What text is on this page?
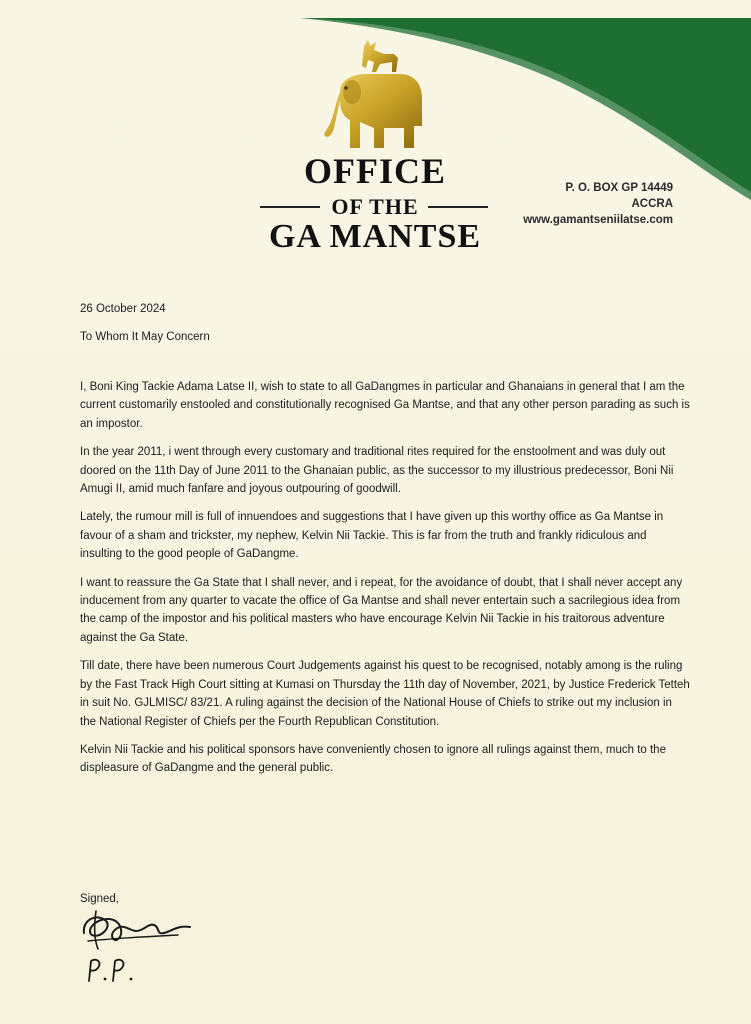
OFFICE

OF THE

GA MANTSE

P. O. BOX GP 14449
ACCRA
www.gamantseniilatse.com
26 October 2024
To Whom It May Concern

I, Boni King Tackie Adama Latse II, wish to state to all GaDangmes in particular and Ghanaians in general that I am the current customarily enstooled and constitutionally recognised Ga Mantse, and that any other person parading as such is an impostor.

In the year 2011, i went through every customary and traditional rites required for the enstoolment and was duly out doored on the 11th Day of June 2011 to the Ghanaian public, as the successor to my illustrious predecessor, Boni Nii Amugi II, amid much fanfare and joyous outpouring of goodwill.

Lately, the rumour mill is full of innuendoes and suggestions that I have given up this worthy office as Ga Mantse in favour of a sham and trickster, my nephew, Kelvin Nii Tackie. This is far from the truth and frankly ridiculous and insulting to the good people of GaDangme.

I want to reassure the Ga State that I shall never, and i repeat, for the avoidance of doubt, that I shall never accept any inducement from any quarter to vacate the office of Ga Mantse and shall never entertain such a sacrilegious idea from the camp of the impostor and his political masters who have encourage Kelvin Nii Tackie in his traitorous adventure against the Ga State.

Till date, there have been numerous Court Judgements against his quest to be recognised, notably among is the ruling by the Fast Track High Court sitting at Kumasi on Thursday the 11th day of November, 2021, by Justice Frederick Tetteh in suit No. GJLMISC/ 83/21. A ruling against the decision of the National House of Chiefs to strike out my inclusion in the National Register of Chiefs per the Fourth Republican Constitution.

Kelvin Nii Tackie and his political sponsors have conveniently chosen to ignore all rulings against them, much to the displeasure of GaDangme and the general public.

Signed,
